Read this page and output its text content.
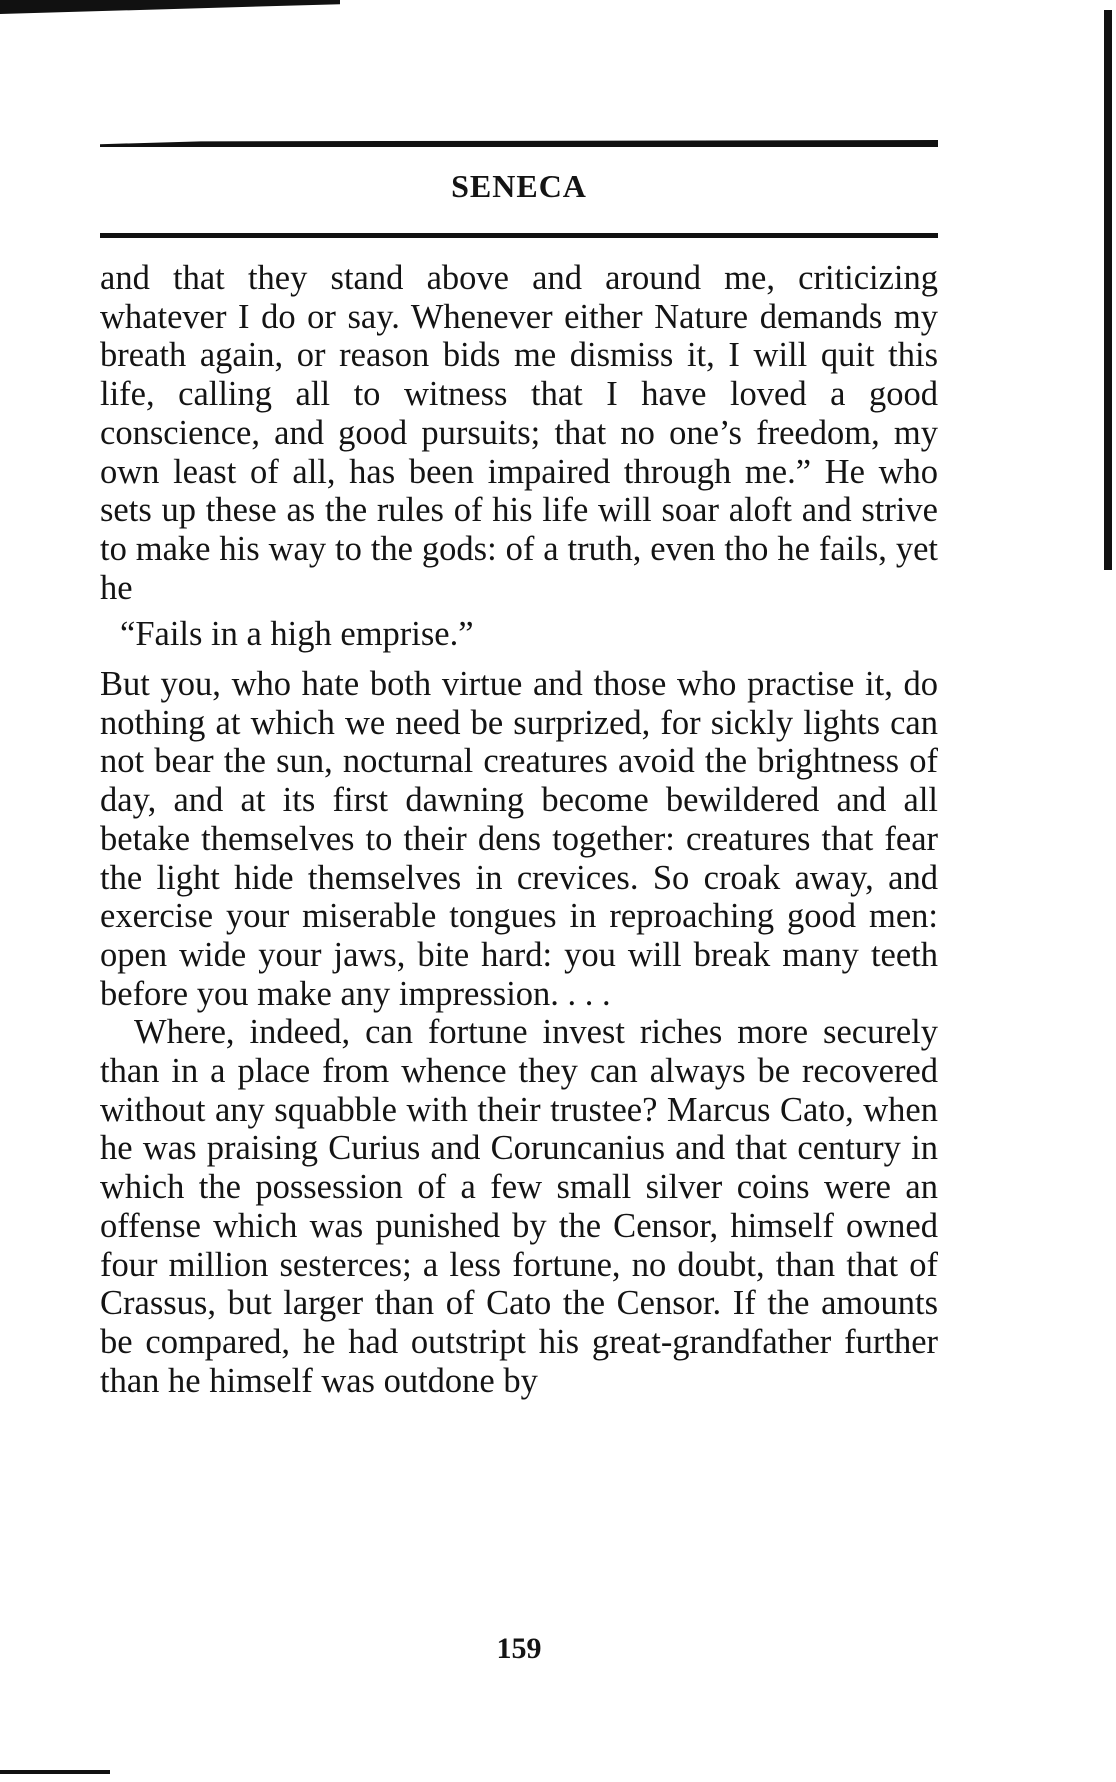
SENECA

and that they stand above and around me, criticizing whatever I do or say. Whenever either Nature demands my breath again, or reason bids me dismiss it, I will quit this life, calling all to witness that I have loved a good conscience, and good pursuits; that no one’s freedom, my own least of all, has been impaired through me.” He who sets up these as the rules of his life will soar aloft and strive to make his way to the gods: of a truth, even tho he fails, yet he

“Fails in a high emprise.”

But you, who hate both virtue and those who practise it, do nothing at which we need be surprized, for sickly lights can not bear the sun, nocturnal creatures avoid the brightness of day, and at its first dawning become bewildered and all betake themselves to their dens together: creatures that fear the light hide themselves in crevices. So croak away, and exercise your miserable tongues in reproaching good men: open wide your jaws, bite hard: you will break many teeth before you make any impression. . . .

Where, indeed, can fortune invest riches more securely than in a place from whence they can always be recovered without any squabble with their trustee? Marcus Cato, when he was praising Curius and Coruncanius and that century in which the possession of a few small silver coins were an offense which was punished by the Censor, himself owned four million sesterces; a less fortune, no doubt, than that of Crassus, but larger than of Cato the Censor. If the amounts be compared, he had outstript his great-grandfather further than he himself was outdone by

159
